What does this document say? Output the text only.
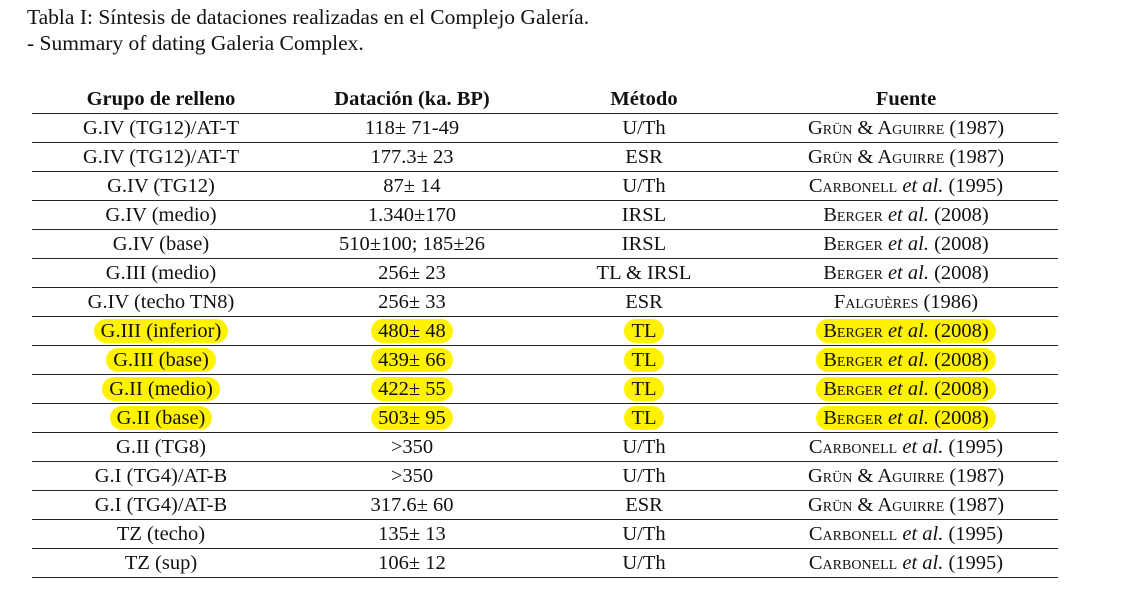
Tabla I: Síntesis de dataciones realizadas en el Complejo Galería.
- Summary of dating Galeria Complex.
Grupo de relleno	Datación (ka. BP)	Método	Fuente
G.IV (TG12)/AT-T	118± 71-49	U/Th	Grün & Aguirre (1987)
G.IV (TG12)/AT-T	177.3± 23	ESR	Grün & Aguirre (1987)
G.IV (TG12)	87± 14	U/Th	Carbonell et al. (1995)
G.IV (medio)	1.340±170	IRSL	Berger et al. (2008)
G.IV (base)	510±100; 185±26	IRSL	Berger et al. (2008)
G.III (medio)	256± 23	TL & IRSL	Berger et al. (2008)
G.IV (techo TN8)	256± 33	ESR	Falguères (1986)
G.III (inferior)	480± 48	TL	Berger et al. (2008)
G.III (base)	439± 66	TL	Berger et al. (2008)
G.II (medio)	422± 55	TL	Berger et al. (2008)
G.II (base)	503± 95	TL	Berger et al. (2008)
G.II (TG8)	>350	U/Th	Carbonell et al. (1995)
G.I (TG4)/AT-B	>350	U/Th	Grün & Aguirre (1987)
G.I (TG4)/AT-B	317.6± 60	ESR	Grün & Aguirre (1987)
TZ (techo)	135± 13	U/Th	Carbonell et al. (1995)
TZ (sup)	106± 12	U/Th	Carbonell et al. (1995)
